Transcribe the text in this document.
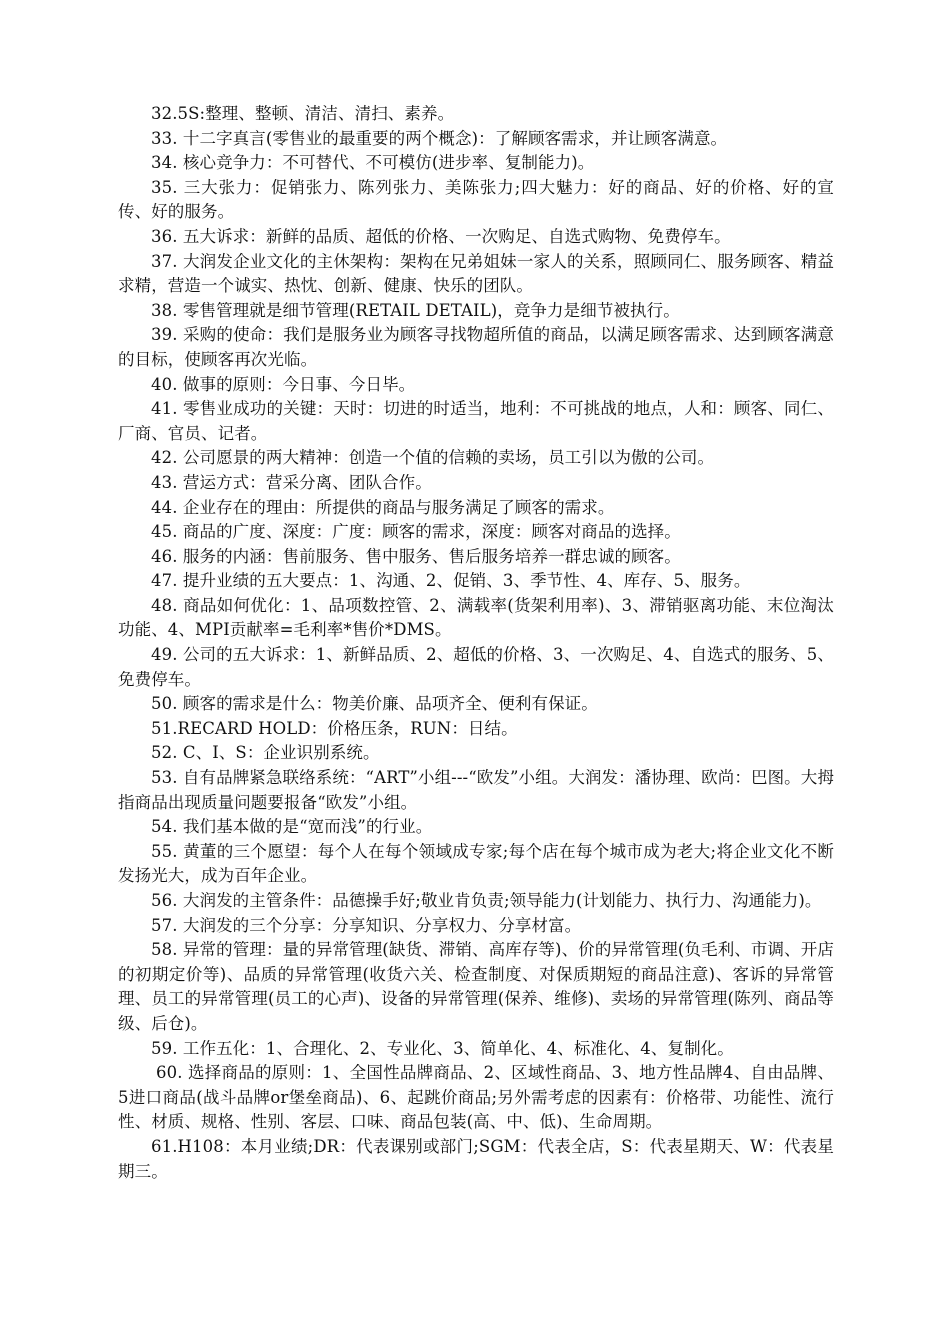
32.5S:整理、整顿、清洁、清扫、素养。

33. 十二字真言(零售业的最重要的两个概念)：了解顾客需求，并让顾客满意。

34. 核心竞争力：不可替代、不可模仿(进步率、复制能力)。

35. 三大张力：促销张力、陈列张力、美陈张力;四大魅力：好的商品、好的价格、好的宣传、好的服务。

36. 五大诉求：新鲜的品质、超低的价格、一次购足、自选式购物、免费停车。

37. 大润发企业文化的主休架构：架构在兄弟姐妹一家人的关系，照顾同仁、服务顾客、精益求精，营造一个诚实、热忱、创新、健康、快乐的团队。

38. 零售管理就是细节管理(RETAIL DETAIL)，竞争力是细节被执行。

39. 采购的使命：我们是服务业为顾客寻找物超所值的商品，以满足顾客需求、达到顾客满意的目标，使顾客再次光临。

40. 做事的原则：今日事、今日毕。

41. 零售业成功的关键：天时：切进的时适当，地利：不可挑战的地点，人和：顾客、同仁、厂商、官员、记者。

42. 公司愿景的两大精神：创造一个值的信赖的卖场，员工引以为傲的公司。

43. 营运方式：营采分离、团队合作。

44. 企业存在的理由：所提供的商品与服务满足了顾客的需求。

45. 商品的广度、深度：广度：顾客的需求，深度：顾客对商品的选择。

46. 服务的内涵：售前服务、售中服务、售后服务培养一群忠诚的顾客。

47. 提升业绩的五大要点：1、沟通、2、促销、3、季节性、4、库存、5、服务。

48. 商品如何优化：1、品项数控管、2、满载率(货架利用率)、3、滞销驱离功能、末位淘汰功能、4、MPI贡献率=毛利率*售价*DMS。

49. 公司的五大诉求：1、新鲜品质、2、超低的价格、3、一次购足、4、自选式的服务、5、免费停车。

50. 顾客的需求是什么：物美价廉、品项齐全、便利有保证。

51.RECARD HOLD：价格压条，RUN：日结。

52. C、I、S：企业识别系统。

53. 自有品牌紧急联络系统：“ART”小组---“欧发”小组。大润发：潘协理、欧尚：巴图。大拇指商品出现质量问题要报备“欧发”小组。

54. 我们基本做的是“宽而浅”的行业。

55. 黄董的三个愿望：每个人在每个领域成专家;每个店在每个城市成为老大;将企业文化不断发扬光大，成为百年企业。

56. 大润发的主管条件：品德操手好;敬业肯负责;领导能力(计划能力、执行力、沟通能力)。

57. 大润发的三个分享：分享知识、分享权力、分享材富。

58. 异常的管理：量的异常管理(缺货、滞销、高库存等)、价的异常管理(负毛利、市调、开店的初期定价等)、品质的异常管理(收货六关、检查制度、对保质期短的商品注意)、客诉的异常管理、员工的异常管理(员工的心声)、设备的异常管理(保养、维修)、卖场的异常管理(陈列、商品等级、后仓)。

59. 工作五化：1、合理化、2、专业化、3、简单化、4、标准化、4、复制化。

60. 选择商品的原则：1、全国性品牌商品、2、区域性商品、3、地方性品牌4、自由品牌、5进口商品(战斗品牌or堡垒商品)、6、起跳价商品;另外需考虑的因素有：价格带、功能性、流行性、材质、规格、性别、客层、口味、商品包装(高、中、低)、生命周期。

61.H108：本月业绩;DR：代表课别或部门;SGM：代表全店，S：代表星期天、W：代表星期三。
